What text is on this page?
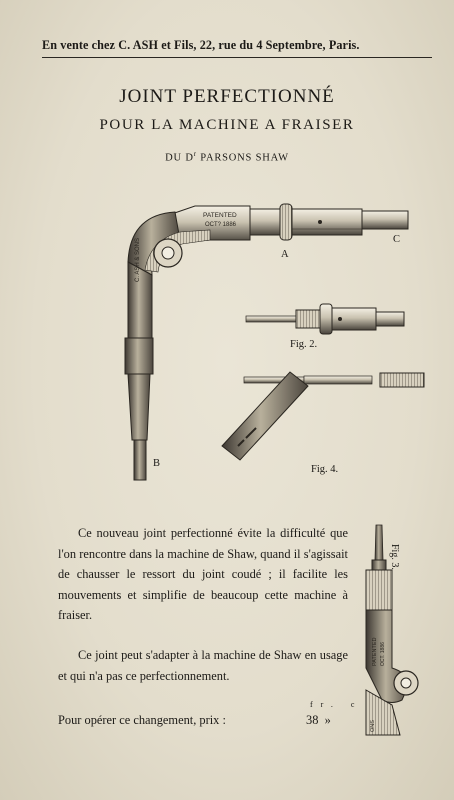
En vente chez C. ASH et Fils, 22, rue du 4 Septembre, Paris.
JOINT PERFECTIONNÉ
POUR LA MACHINE A FRAISER
DU $D^r$ PARSONS SHAW
PATENTED
OCT? 1886
C. ASH & SONS
PATENTED OCT. 1886
ONS
A
C
B
Fig. 2.
Fig. 4.
Fig. 3.

Ce nouveau joint perfectionné évite la difficulté que l'on rencontre dans la machine de Shaw, quand il s'agissait de chausser le ressort du joint coudé ; il facilite les mouvements et simplifie de beaucoup cette machine à fraiser.

Ce joint peut s'adapter à la machine de Shaw en usage et qui n'a pas ce perfectionnement.

fr. c
Pour opérer ce changement, prix :	38  »
